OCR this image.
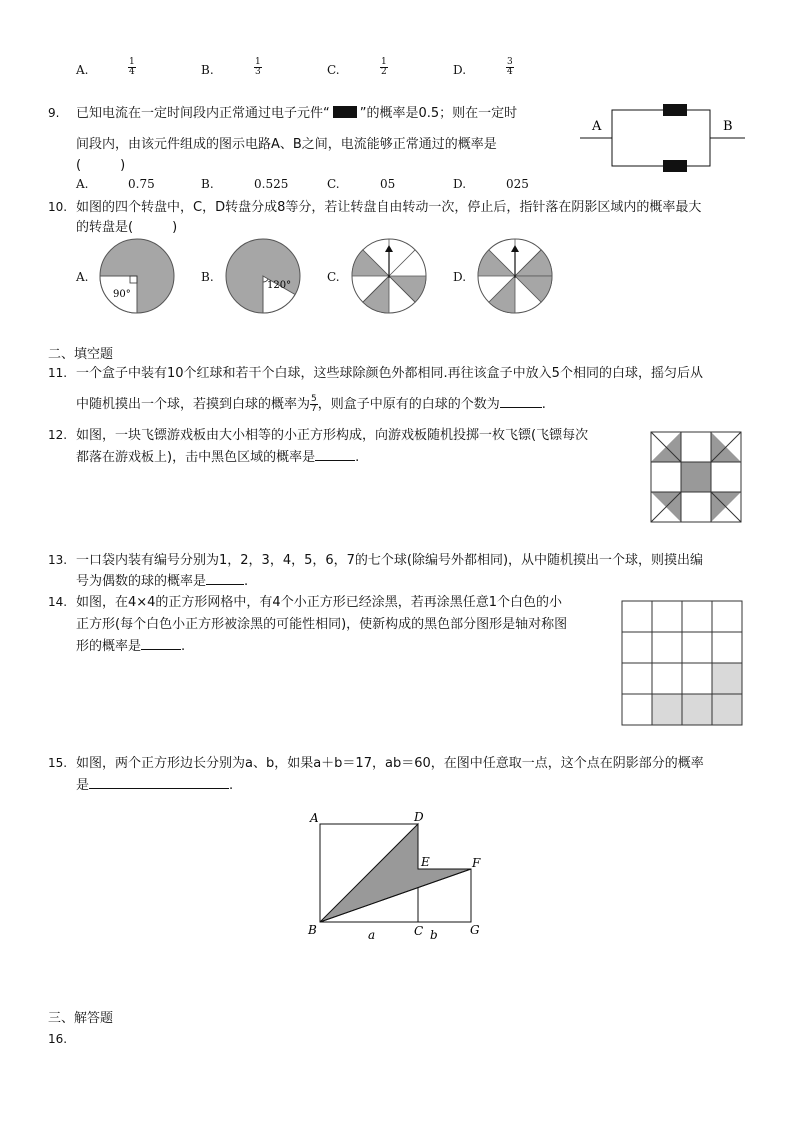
A.	$\frac{1}{4}$	B.	$\frac{1}{3}$	C.	$\frac{1}{2}$	D.	$\frac{3}{4}$
9. 已知电流在一定时间段内正常通过电子元件“ ”的概率是0.5；则在一定时
间段内，由该元件组成的图示电路A、B之间，电流能够正常通过的概率是
(　　　)
A.	0.75	B.	0.525	C.	05	D.	025
A	B
10. 如图的四个转盘中，C，D转盘分成8等分，若让转盘自由转动一次，停止后，指针落在阴影区域内的概率最大
的转盘是(　　　)
A.
90°
B.
120°
C.	D.
二、填空题
11. 一个盒子中装有10个红球和若干个白球，这些球除颜色外都相同.再往该盒子中放入5个相同的白球，摇匀后从
中随机摸出一个球，若摸到白球的概率为 $\frac{5}{7}$ ，则盒子中原有的白球的个数为	.
12. 如图，一块飞镖游戏板由大小相等的小正方形构成，向游戏板随机投掷一枚飞镖(飞镖每次
都落在游戏板上)，击中黑色区域的概率是	.
13. 一口袋内装有编号分别为1，2，3，4，5，6，7的七个球(除编号外都相同)，从中随机摸出一个球，则摸出编
号为偶数的球的概率是	.
14. 如图，在4×4的正方形网格中，有4个小正方形已经涂黑，若再涂黑任意1个白色的小
正方形(每个白色小正方形被涂黑的可能性相同)，使新构成的黑色部分图形是轴对称图
形的概率是	.
15. 如图，两个正方形边长分别为a、b，如果a＋b＝17，ab＝60，在图中任意取一点，这个点在阴影部分的概率
是	.
A	D
E	F
B	C	G
a	b
三、解答题
16.
